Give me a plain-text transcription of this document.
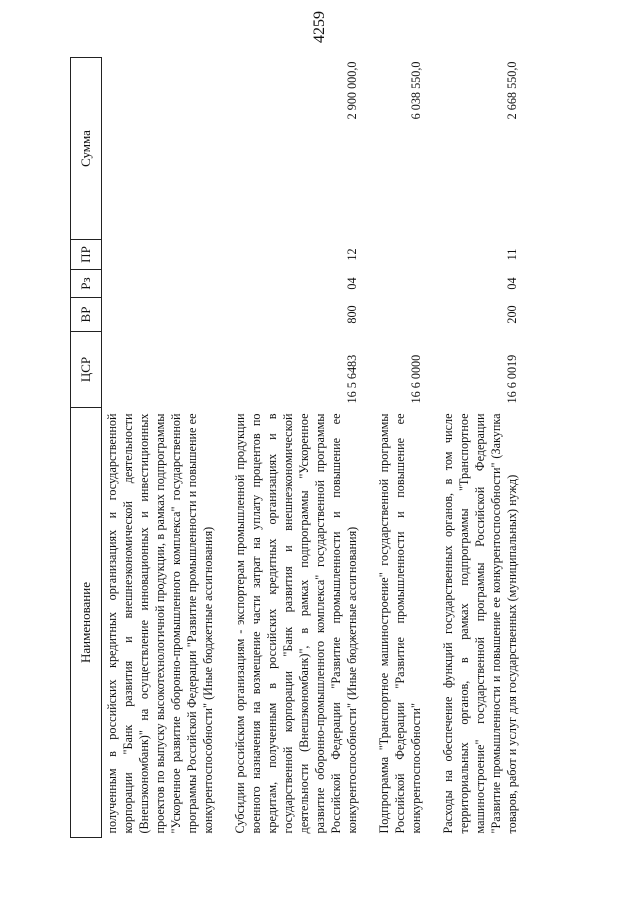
4259
Наименование	ЦСР	ВР	Рз	ПР	Сумма
полученным в российских кредитных организациях и государственной корпорации "Банк развития и внешнеэкономической деятельности (Внешэкономбанк)" на осуществление инновационных и инвестиционных проектов по выпуску высокотехнологичной продукции, в рамках подпрограммы "Ускоренное развитие оборонно-промышленного комплекса" государственной программы Российской Федерации "Развитие промышленности и повышение ее конкурентоспособности" (Иные бюджетные ассигнования)					

Субсидии российским организациям - экспортерам промышленной продукции военного назначения на возмещение части затрат на уплату процентов по кредитам, полученным в российских кредитных организациях и в государственной корпорации "Банк развития и внешнеэкономической деятельности (Внешэкономбанк)", в рамках подпрограммы "Ускоренное развитие оборонно-промышленного комплекса" государственной программы Российской Федерации "Развитие промышленности и повышение ее конкурентоспособности" (Иные бюджетные ассигнования)	16 5 6483	800	04	12	2 900 000,0

Подпрограмма "Транспортное машиностроение" государственной программы Российской Федерации "Развитие промышленности и повышение ее конкурентоспособности"	16 6 0000				6 038 550,0

Расходы на обеспечение функций государственных органов, в том числе территориальных органов, в рамках подпрограммы "Транспортное машиностроение" государственной программы Российской Федерации "Развитие промышленности и повышение ее конкурентоспособности" (Закупка товаров, работ и услуг для государственных (муниципальных) нужд)	16 6 0019	200	04	11	2 668 550,0
